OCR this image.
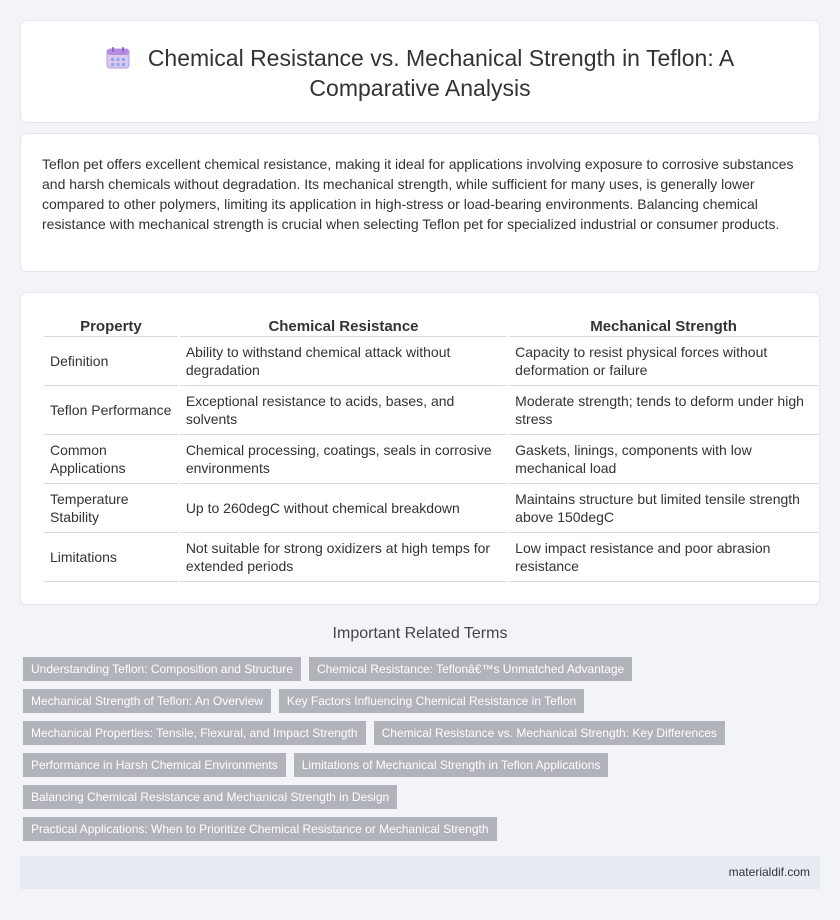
Chemical Resistance vs. Mechanical Strength in Teflon: A Comparative Analysis

Teflon pet offers excellent chemical resistance, making it ideal for applications involving exposure to corrosive substances and harsh chemicals without degradation. Its mechanical strength, while sufficient for many uses, is generally lower compared to other polymers, limiting its application in high-stress or load-bearing environments. Balancing chemical resistance with mechanical strength is crucial when selecting Teflon pet for specialized industrial or consumer products.

Property	Chemical Resistance	Mechanical Strength
Definition	Ability to withstand chemical attack without degradation	Capacity to resist physical forces without deformation or failure
Teflon Performance	Exceptional resistance to acids, bases, and solvents	Moderate strength; tends to deform under high stress
Common Applications	Chemical processing, coatings, seals in corrosive environments	Gaskets, linings, components with low mechanical load
Temperature Stability	Up to 260degC without chemical breakdown	Maintains structure but limited tensile strength above 150degC
Limitations	Not suitable for strong oxidizers at high temps for extended periods	Low impact resistance and poor abrasion resistance
Important Related Terms
Understanding Teflon: Composition and Structure	Chemical Resistance: Teflonâ€™s Unmatched Advantage
Mechanical Strength of Teflon: An Overview	Key Factors Influencing Chemical Resistance in Teflon
Mechanical Properties: Tensile, Flexural, and Impact Strength	Chemical Resistance vs. Mechanical Strength: Key Differences
Performance in Harsh Chemical Environments	Limitations of Mechanical Strength in Teflon Applications
Balancing Chemical Resistance and Mechanical Strength in Design
Practical Applications: When to Prioritize Chemical Resistance or Mechanical Strength
materialdif.com
